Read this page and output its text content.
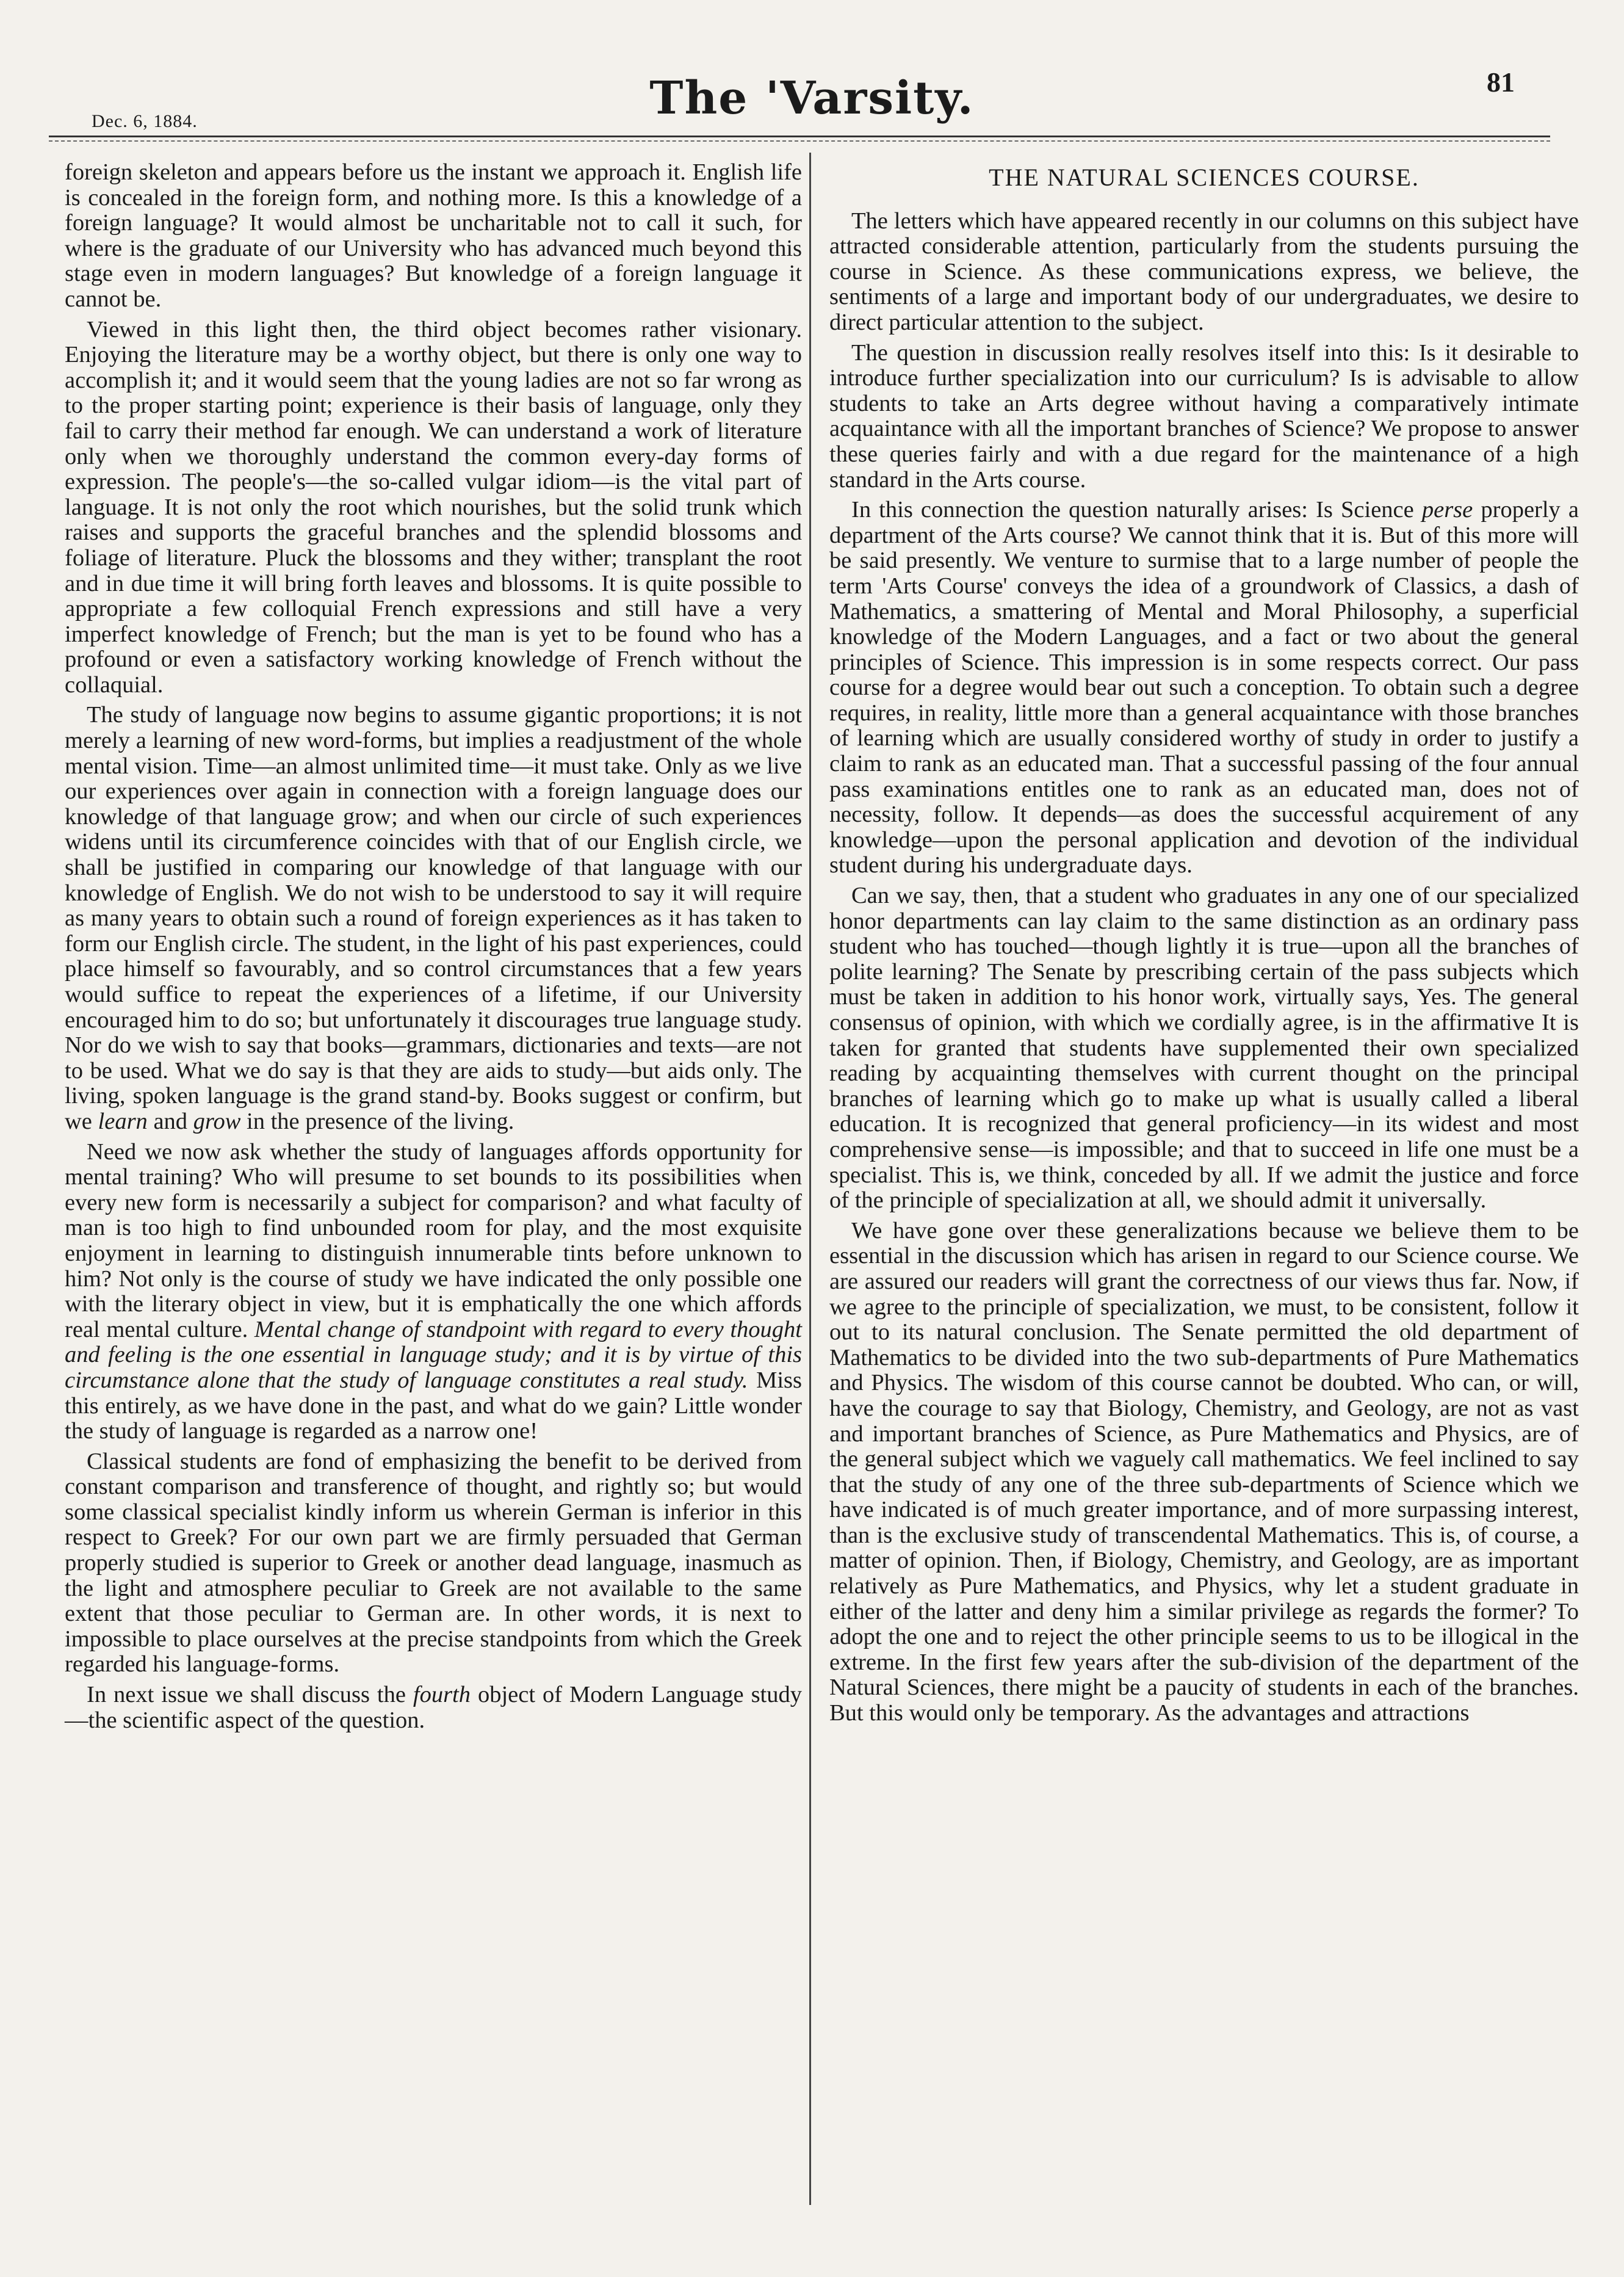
Dec. 6, 1884.	The 'Varsity.	81

foreign skeleton and appears before us the instant we approach it. English life is concealed in the foreign form, and nothing more. Is this a knowledge of a foreign language? It would almost be uncharitable not to call it such, for where is the graduate of our University who has advanced much beyond this stage even in modern languages? But knowledge of a foreign language it cannot be.

Viewed in this light then, the third object becomes rather visionary. Enjoying the literature may be a worthy object, but there is only one way to accomplish it; and it would seem that the young ladies are not so far wrong as to the proper starting point; experience is their basis of language, only they fail to carry their method far enough. We can understand a work of literature only when we thoroughly understand the common every-day forms of expression. The people's—the so-called vulgar idiom—is the vital part of language. It is not only the root which nourishes, but the solid trunk which raises and supports the graceful branches and the splendid blossoms and foliage of literature. Pluck the blossoms and they wither; transplant the root and in due time it will bring forth leaves and blossoms. It is quite possible to appropriate a few colloquial French expressions and still have a very imperfect knowledge of French; but the man is yet to be found who has a profound or even a satisfactory working knowledge of French without the collaquial.

The study of language now begins to assume gigantic proportions; it is not merely a learning of new word-forms, but implies a readjustment of the whole mental vision. Time—an almost unlimited time—it must take. Only as we live our experiences over again in connection with a foreign language does our knowledge of that language grow; and when our circle of such experiences widens until its circumference coincides with that of our English circle, we shall be justified in comparing our knowledge of that language with our knowledge of English. We do not wish to be understood to say it will require as many years to obtain such a round of foreign experiences as it has taken to form our English circle. The student, in the light of his past experiences, could place himself so favourably, and so control circumstances that a few years would suffice to repeat the experiences of a lifetime, if our University encouraged him to do so; but unfortunately it discourages true language study. Nor do we wish to say that books—grammars, dictionaries and texts—are not to be used. What we do say is that they are aids to study—but aids only. The living, spoken language is the grand stand-by. Books suggest or confirm, but we learn and grow in the presence of the living.

Need we now ask whether the study of languages affords opportunity for mental training? Who will presume to set bounds to its possibilities when every new form is necessarily a subject for comparison? and what faculty of man is too high to find unbounded room for play, and the most exquisite enjoyment in learning to distinguish innumerable tints before unknown to him? Not only is the course of study we have indicated the only possible one with the literary object in view, but it is emphatically the one which affords real mental culture. Mental change of standpoint with regard to every thought and feeling is the one essential in language study; and it is by virtue of this circumstance alone that the study of language constitutes a real study. Miss this entirely, as we have done in the past, and what do we gain? Little wonder the study of language is regarded as a narrow one!

Classical students are fond of emphasizing the benefit to be derived from constant comparison and transference of thought, and rightly so; but would some classical specialist kindly inform us wherein German is inferior in this respect to Greek? For our own part we are firmly persuaded that German properly studied is superior to Greek or another dead language, inasmuch as the light and atmosphere peculiar to Greek are not available to the same extent that those peculiar to German are. In other words, it is next to impossible to place ourselves at the precise standpoints from which the Greek regarded his language-forms.

In next issue we shall discuss the fourth object of Modern Language study—the scientific aspect of the question.

THE NATURAL SCIENCES COURSE.

The letters which have appeared recently in our columns on this subject have attracted considerable attention, particularly from the students pursuing the course in Science. As these communications express, we believe, the sentiments of a large and important body of our undergraduates, we desire to direct particular attention to the subject.

The question in discussion really resolves itself into this: Is it desirable to introduce further specialization into our curriculum? Is is advisable to allow students to take an Arts degree without having a comparatively intimate acquaintance with all the important branches of Science? We propose to answer these queries fairly and with a due regard for the maintenance of a high standard in the Arts course.

In this connection the question naturally arises: Is Science perse properly a department of the Arts course? We cannot think that it is. But of this more will be said presently. We venture to surmise that to a large number of people the term 'Arts Course' conveys the idea of a groundwork of Classics, a dash of Mathematics, a smattering of Mental and Moral Philosophy, a superficial knowledge of the Modern Languages, and a fact or two about the general principles of Science. This impression is in some respects correct. Our pass course for a degree would bear out such a conception. To obtain such a degree requires, in reality, little more than a general acquaintance with those branches of learning which are usually considered worthy of study in order to justify a claim to rank as an educated man. That a successful passing of the four annual pass examinations entitles one to rank as an educated man, does not of necessity, follow. It depends—as does the successful acquirement of any knowledge—upon the personal application and devotion of the individual student during his undergraduate days.

Can we say, then, that a student who graduates in any one of our specialized honor departments can lay claim to the same distinction as an ordinary pass student who has touched—though lightly it is true—upon all the branches of polite learning? The Senate by prescribing certain of the pass subjects which must be taken in addition to his honor work, virtually says, Yes. The general consensus of opinion, with which we cordially agree, is in the affirmative It is taken for granted that students have supplemented their own specialized reading by acquainting themselves with current thought on the principal branches of learning which go to make up what is usually called a liberal education. It is recognized that general proficiency—in its widest and most comprehensive sense—is impossible; and that to succeed in life one must be a specialist. This is, we think, conceded by all. If we admit the justice and force of the principle of specialization at all, we should admit it universally.

We have gone over these generalizations because we believe them to be essential in the discussion which has arisen in regard to our Science course. We are assured our readers will grant the correctness of our views thus far. Now, if we agree to the principle of specialization, we must, to be consistent, follow it out to its natural conclusion. The Senate permitted the old department of Mathematics to be divided into the two sub-departments of Pure Mathematics and Physics. The wisdom of this course cannot be doubted. Who can, or will, have the courage to say that Biology, Chemistry, and Geology, are not as vast and important branches of Science, as Pure Mathematics and Physics, are of the general subject which we vaguely call mathematics. We feel inclined to say that the study of any one of the three sub-departments of Science which we have indicated is of much greater importance, and of more surpassing interest, than is the exclusive study of transcendental Mathematics. This is, of course, a matter of opinion. Then, if Biology, Chemistry, and Geology, are as important relatively as Pure Mathematics, and Physics, why let a student graduate in either of the latter and deny him a similar privilege as regards the former? To adopt the one and to reject the other principle seems to us to be illogical in the extreme. In the first few years after the sub-division of the department of the Natural Sciences, there might be a paucity of students in each of the branches. But this would only be temporary. As the advantages and attractions
